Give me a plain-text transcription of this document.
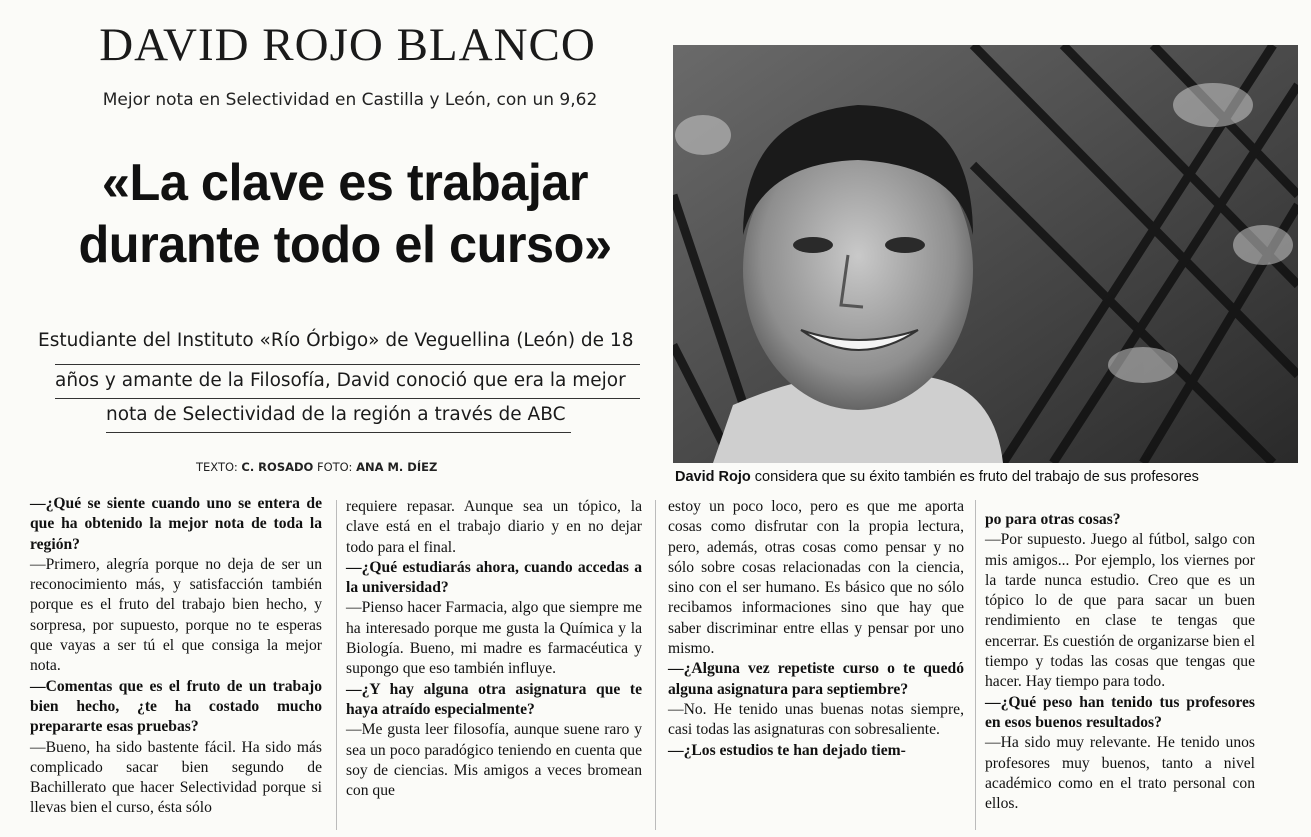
DAVID ROJO BLANCO
Mejor nota en Selectividad en Castilla y León, con un 9,62
«La clave es trabajar
durante todo el curso»
Estudiante del Instituto «Río Órbigo» de Veguellina (León) de 18
años y amante de la Filosofía, David conoció que era la mejor
nota de Selectividad de la región a través de ABC
TEXTO: C. ROSADO FOTO: ANA M. DÍEZ
David Rojo considera que su éxito también es fruto del trabajo de sus profesores

—¿Qué se siente cuando uno se entera de que ha obtenido la mejor nota de toda la región?

—Primero, alegría porque no deja de ser un reconocimiento más, y satisfacción también porque es el fruto del trabajo bien hecho, y sorpresa, por supuesto, porque no te esperas que vayas a ser tú el que consiga la mejor nota.

—Comentas que es el fruto de un trabajo bien hecho, ¿te ha costado mucho prepararte esas pruebas?

—Bueno, ha sido bastente fácil. Ha sido más complicado sacar bien segundo de Bachillerato que hacer Selectividad porque si llevas bien el curso, ésta sólo

requiere repasar. Aunque sea un tópico, la clave está en el trabajo diario y en no dejar todo para el final.

—¿Qué estudiarás ahora, cuando accedas a la universidad?

—Pienso hacer Farmacia, algo que siempre me ha interesado porque me gusta la Química y la Biología. Bueno, mi madre es farmacéutica y supongo que eso también influye.

—¿Y hay alguna otra asignatura que te haya atraído especialmente?

—Me gusta leer filosofía, aunque suene raro y sea un poco paradógico teniendo en cuenta que soy de ciencias. Mis amigos a veces bromean con que

estoy un poco loco, pero es que me aporta cosas como disfrutar con la propia lectura, pero, además, otras cosas como pensar y no sólo sobre cosas relacionadas con la ciencia, sino con el ser humano. Es básico que no sólo recibamos informaciones sino que hay que saber discriminar entre ellas y pensar por uno mismo.

—¿Alguna vez repetiste curso o te quedó alguna asignatura para septiembre?

—No. He tenido unas buenas notas siempre, casi todas las asignaturas con sobresaliente.

—¿Los estudios te han dejado tiem-

po para otras cosas?

—Por supuesto. Juego al fútbol, salgo con mis amigos... Por ejemplo, los viernes por la tarde nunca estudio. Creo que es un tópico lo de que para sacar un buen rendimiento en clase te tengas que encerrar. Es cuestión de organizarse bien el tiempo y todas las cosas que tengas que hacer. Hay tiempo para todo.

—¿Qué peso han tenido tus profesores en esos buenos resultados?

—Ha sido muy relevante. He tenido unos profesores muy buenos, tanto a nivel académico como en el trato personal con ellos.
